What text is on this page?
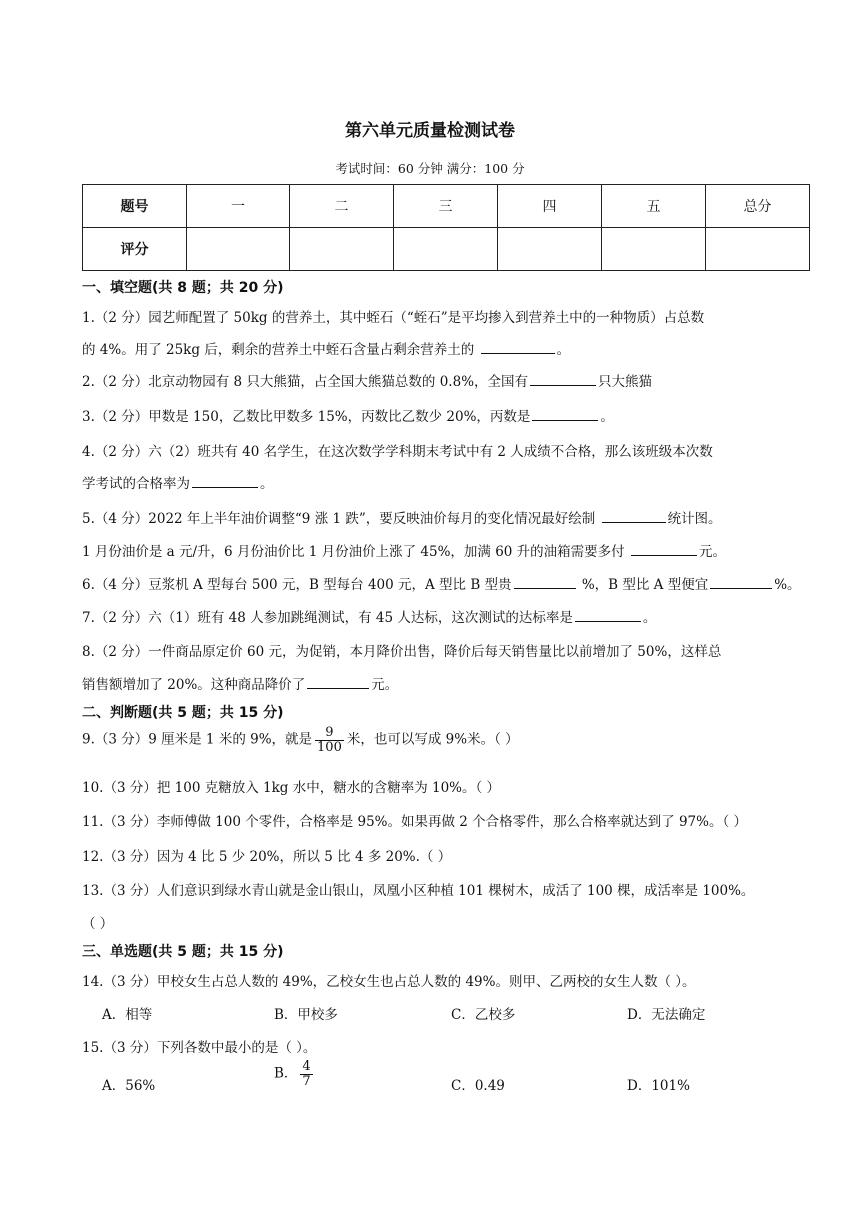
第六单元质量检测试卷
考试时间：60 分钟 满分：100 分
题号	一	二	三	四	五	总分
评分						
一、填空题(共 8 题；共 20 分)
1.（2 分）园艺师配置了 50kg 的营养土，其中蛭石（“蛭石”是平均掺入到营养土中的一种物质）占总数
的 4%。用了 25kg 后，剩余的营养土中蛭石含量占剩余营养土的	。
2.（2 分）北京动物园有 8 只大熊猫，占全国大熊猫总数的 0.8%，全国有	只大熊猫
3.（2 分）甲数是 150，乙数比甲数多 15%，丙数比乙数少 20%，丙数是	。
4.（2 分）六（2）班共有 40 名学生，在这次数学学科期末考试中有 2 人成绩不合格，那么该班级本次数
学考试的合格率为	。
5.（4 分）2022 年上半年油价调整“9 涨 1 跌”，要反映油价每月的变化情况最好绘制	统计图。
1 月份油价是 a 元/升，6 月份油价比 1 月份油价上涨了 45%，加满 60 升的油箱需要多付	元。
6.（4 分）豆浆机 A 型每台 500 元，B 型每台 400 元，A 型比 B 型贵	%，B 型比 A 型便宜	%。
7.（2 分）六（1）班有 48 人参加跳绳测试，有 45 人达标，这次测试的达标率是	。
8.（2 分）一件商品原定价 60 元，为促销，本月降价出售，降价后每天销售量比以前增加了 50%，这样总
销售额增加了 20%。这种商品降价了	元。
二、判断题(共 5 题；共 15 分)
9.（3 分）9 厘米是 1 米的 9%，就是 $\frac{9}{100}$ 米，也可以写成 9%米。（ ）
10.（3 分）把 100 克糖放入 1kg 水中，糖水的含糖率为 10%。（ ）
11.（3 分）李师傅做 100 个零件，合格率是 95%。如果再做 2 个合格零件，那么合格率就达到了 97%。（ ）
12.（3 分）因为 4 比 5 少 20%，所以 5 比 4 多 20%.（ ）
13.（3 分）人们意识到绿水青山就是金山银山，凤凰小区种植 101 棵树木，成活了 100 棵，成活率是 100%。
（ ）
三、单选题(共 5 题；共 15 分)
14.（3 分）甲校女生占总人数的 49%，乙校女生也占总人数的 49%。则甲、乙两校的女生人数（ ）。
A．相等	B．甲校多	C．乙校多	D．无法确定
15.（3 分）下列各数中最小的是（ ）。
A．56%
B． $\frac{4}{7}$	C．0.49	D．101%
